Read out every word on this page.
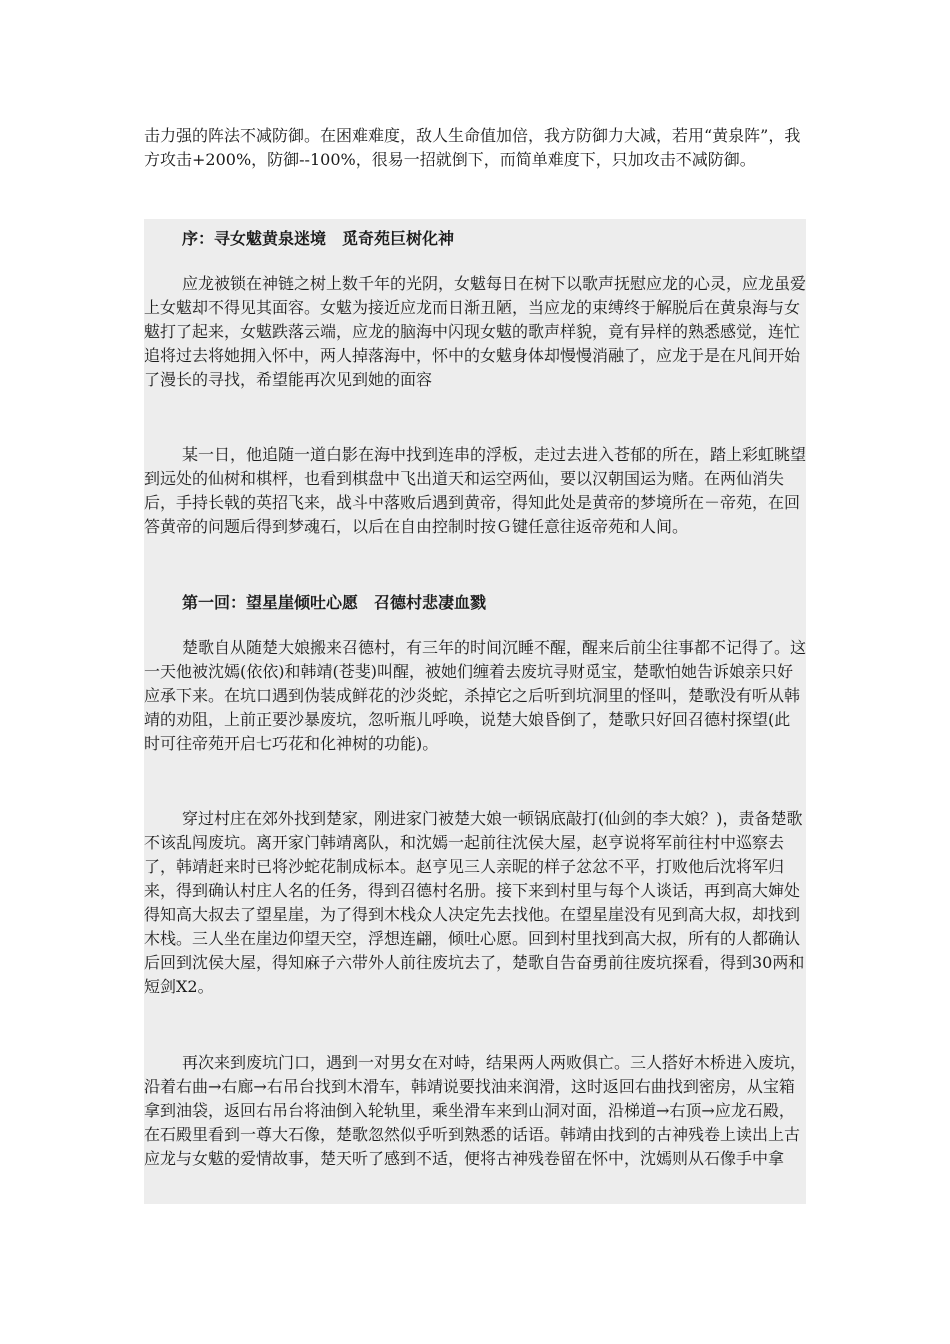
击力强的阵法不减防御。在困难难度，敌人生命值加倍，我方防御力大减，若用“黄泉阵”，我方攻击+200%，防御--100%，很易一招就倒下，而简单难度下，只加攻击不减防御。
序：寻女魃黄泉迷境　觅奇苑巨树化神
应龙被锁在神链之树上数千年的光阴，女魃每日在树下以歌声抚慰应龙的心灵，应龙虽爱上女魃却不得见其面容。女魃为接近应龙而日渐丑陋，当应龙的束缚终于解脱后在黄泉海与女魃打了起来，女魃跌落云端，应龙的脑海中闪现女魃的歌声样貌，竟有异样的熟悉感觉，连忙追将过去将她拥入怀中，两人掉落海中，怀中的女魃身体却慢慢消融了，应龙于是在凡间开始了漫长的寻找，希望能再次见到她的面容
某一日，他追随一道白影在海中找到连串的浮板，走过去进入苍郁的所在，踏上彩虹眺望到远处的仙树和棋枰，也看到棋盘中飞出道天和运空两仙，要以汉朝国运为赌。在两仙消失后，手持长戟的英招飞来，战斗中落败后遇到黄帝，得知此处是黄帝的梦境所在－帝苑，在回答黄帝的问题后得到梦魂石，以后在自由控制时按Ｇ键任意往返帝苑和人间。
第一回：望星崖倾吐心愿　召德村悲凄血戮
楚歌自从随楚大娘搬来召德村，有三年的时间沉睡不醒，醒来后前尘往事都不记得了。这一天他被沈嫣(依依)和韩靖(苍斐)叫醒，被她们缠着去废坑寻财觅宝，楚歌怕她告诉娘亲只好应承下来。在坑口遇到伪装成鲜花的沙炎蛇，杀掉它之后听到坑洞里的怪叫，楚歌没有听从韩靖的劝阻，上前正要沙暴废坑，忽听瓶儿呼唤，说楚大娘昏倒了，楚歌只好回召德村探望(此时可往帝苑开启七巧花和化神树的功能)。
穿过村庄在郊外找到楚家，刚进家门被楚大娘一顿锅底敲打(仙剑的李大娘？)，责备楚歌不该乱闯废坑。离开家门韩靖离队，和沈嫣一起前往沈侯大屋，赵亨说将军前往村中巡察去了，韩靖赶来时已将沙蛇花制成标本。赵亨见三人亲昵的样子忿忿不平，打败他后沈将军归来，得到确认村庄人名的任务，得到召德村名册。接下来到村里与每个人谈话，再到高大婶处得知高大叔去了望星崖，为了得到木栈众人决定先去找他。在望星崖没有见到高大叔，却找到木栈。三人坐在崖边仰望天空，浮想连翩，倾吐心愿。回到村里找到高大叔，所有的人都确认后回到沈侯大屋，得知麻子六带外人前往废坑去了，楚歌自告奋勇前往废坑探看，得到30两和短剑X2。
再次来到废坑门口，遇到一对男女在对峙，结果两人两败俱亡。三人搭好木桥进入废坑，沿着右曲→右廊→右吊台找到木滑车，韩靖说要找油来润滑，这时返回右曲找到密房，从宝箱拿到油袋，返回右吊台将油倒入轮轨里，乘坐滑车来到山洞对面，沿梯道→右顶→应龙石殿，在石殿里看到一尊大石像，楚歌忽然似乎听到熟悉的话语。韩靖由找到的古神残卷上读出上古应龙与女魃的爱情故事，楚天听了感到不适，便将古神残卷留在怀中，沈嫣则从石像手中拿
